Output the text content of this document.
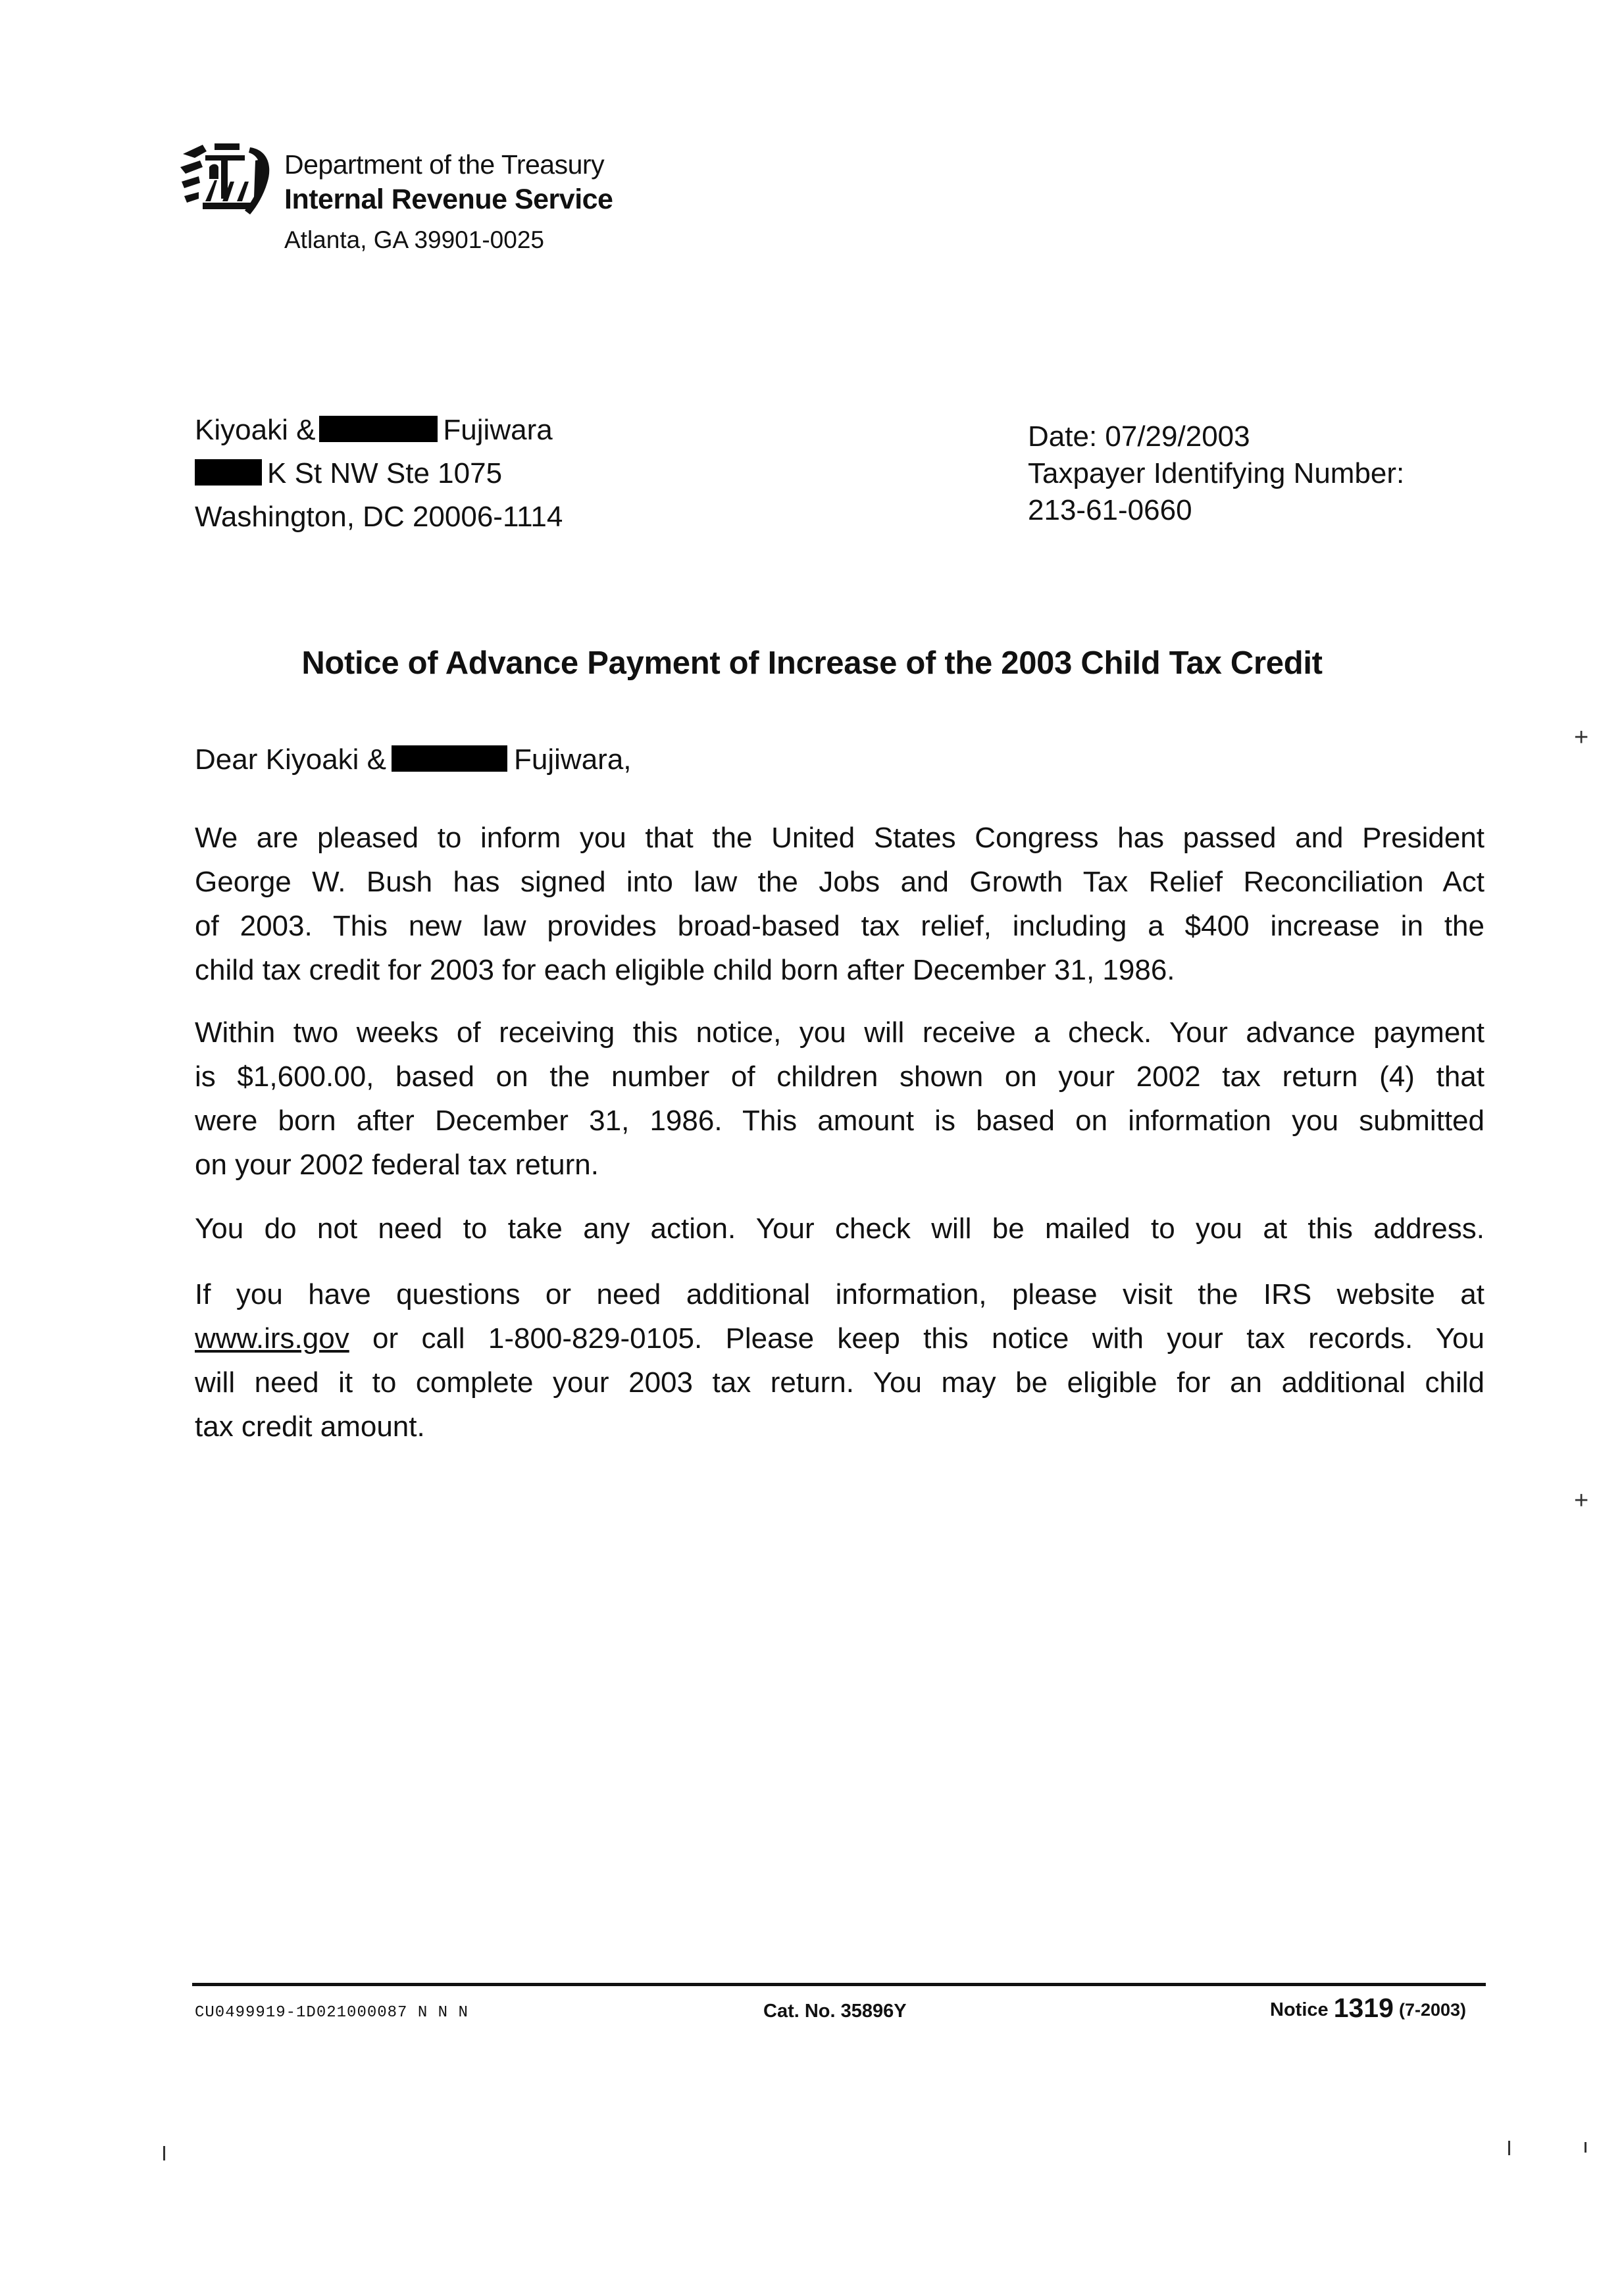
Department of the Treasury
Internal Revenue Service
Atlanta, GA 39901-0025
Kiyoaki &	Fujiwara
K St NW Ste 1075
Washington, DC 20006-1114
Date: 07/29/2003
Taxpayer Identifying Number:
213-61-0660
Notice of Advance Payment of Increase of the 2003 Child Tax Credit
Dear Kiyoaki &	Fujiwara,
We are pleased to inform you that the United States Congress has passed and President
George W. Bush has signed into law the Jobs and Growth Tax Relief Reconciliation Act
of 2003. This new law provides broad-based tax relief, including a $400 increase in the
child tax credit for 2003 for each eligible child born after December 31, 1986.
Within two weeks of receiving this notice, you will receive a check. Your advance payment
is $1,600.00, based on the number of children shown on your 2002 tax return (4) that
were born after December 31, 1986. This amount is based on information you submitted
on your 2002 federal tax return.
You do not need to take any action. Your check will be mailed to you at this address.
If you have questions or need additional information, please visit the IRS website at
www.irs.gov or call 1-800-829-0105. Please keep this notice with your tax records. You
will need it to complete your 2003 tax return. You may be eligible for an additional child
tax credit amount.
+
+
CU0499919-1D021000087 N N N	Cat. No. 35896Y	Notice 1319 (7-2003)
